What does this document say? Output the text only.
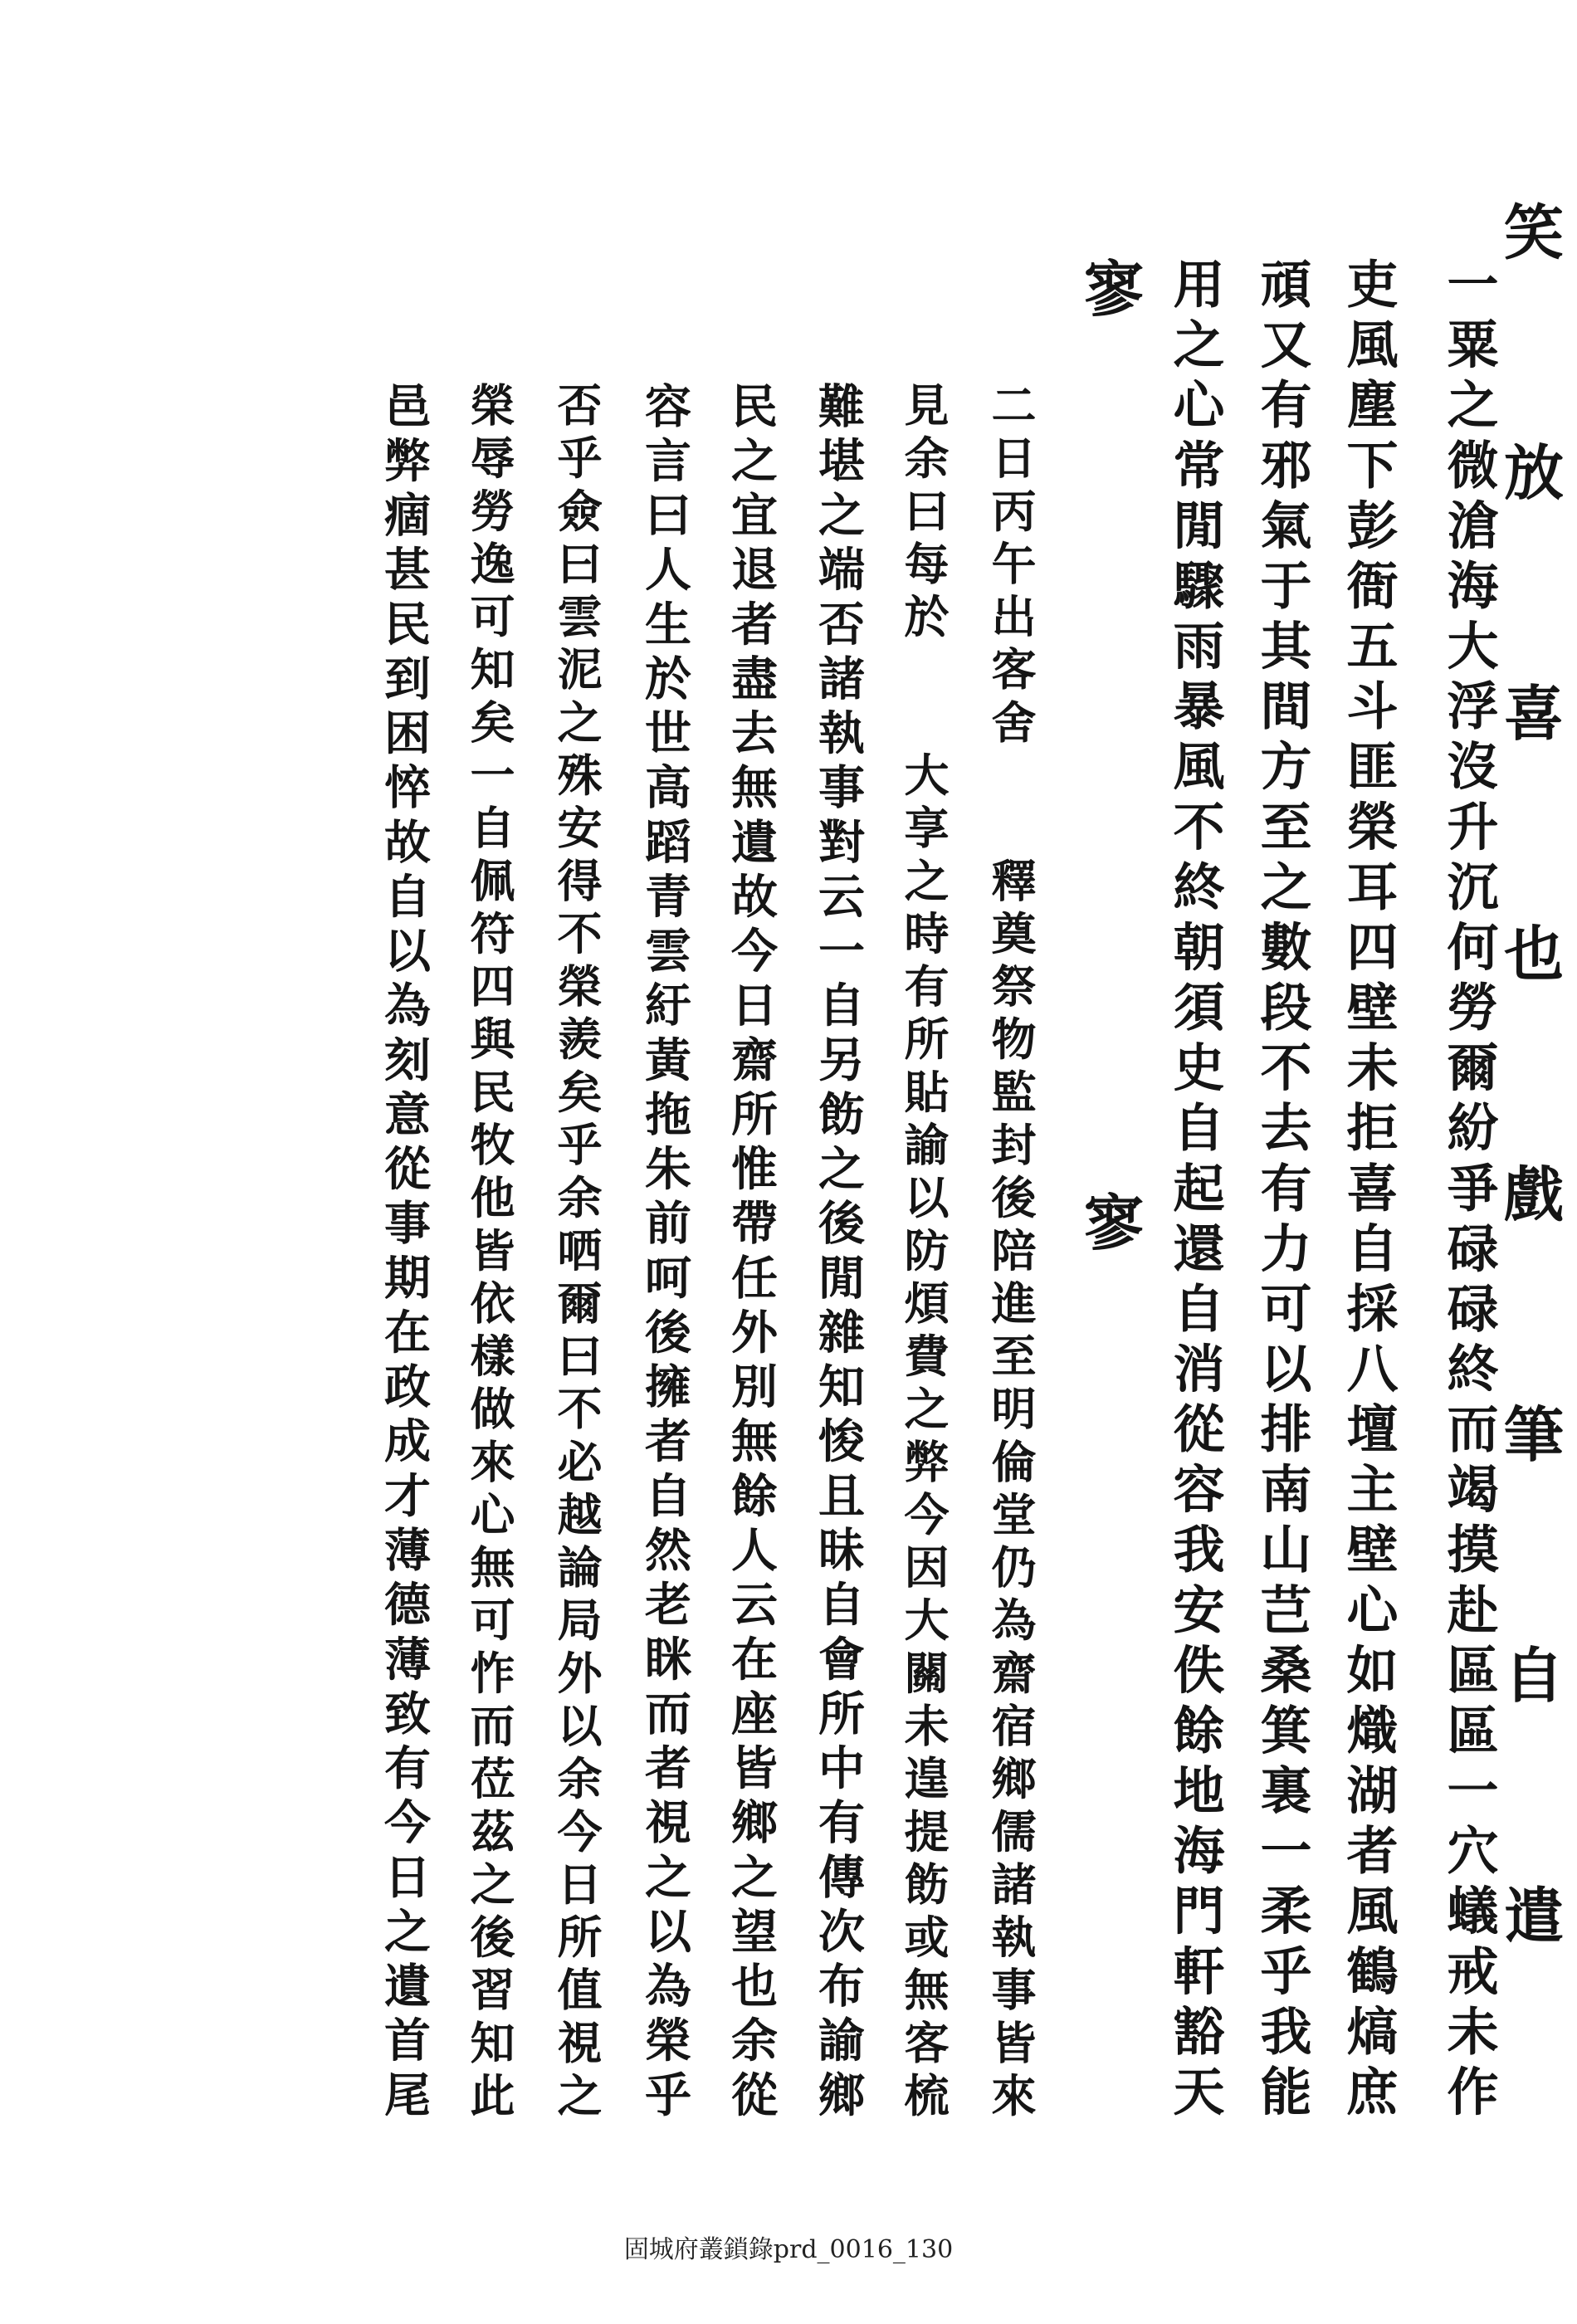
笑放喜也戲筆自遣
一粟之微滄海大浮沒升沉何勞爾紛爭碌碌終而竭摸赴區區一穴蟻戒未作
吏風塵下彭衙五斗匪榮耳四壁未拒喜自採八壇主壁心如熾湖者風鶴熇庶
頑又有邪氣于其間方至之數段不去有力可以排南山芑桑箕裏一柔乎我能
用之心常閒驟雨暴風不終朝須史自起還自消從容我安佚餘地海門軒豁天
寥寥
二日丙午出客舍　　釋奠祭物監封後陪進至明倫堂仍為齋宿鄉儒諸執事皆來
見余曰每於　　大享之時有所貼諭以防煩費之弊今因大關未遑提飭或無客梳
難堪之端否諸執事對云一自另飭之後閒雜知悛且昧自會所中有傳次布諭鄉
民之宜退者盡去無遺故今日齋所惟帶任外別無餘人云在座皆鄉之望也余從
容言曰人生於世高蹈青雲紆黃拖朱前呵後擁者自然老眯而者視之以為榮乎
否乎僉曰雲泥之殊安得不榮羨矣乎余哂爾曰不必越論局外以余今日所值視之
榮辱勞逸可知矣一自佩符四與民牧他皆依樣做來心無可怍而莅茲之後習知此
邑弊痼甚民到困悴故自以為刻意從事期在政成才薄德薄致有今日之遺首尾
固城府叢鎖錄prd_0016_130
